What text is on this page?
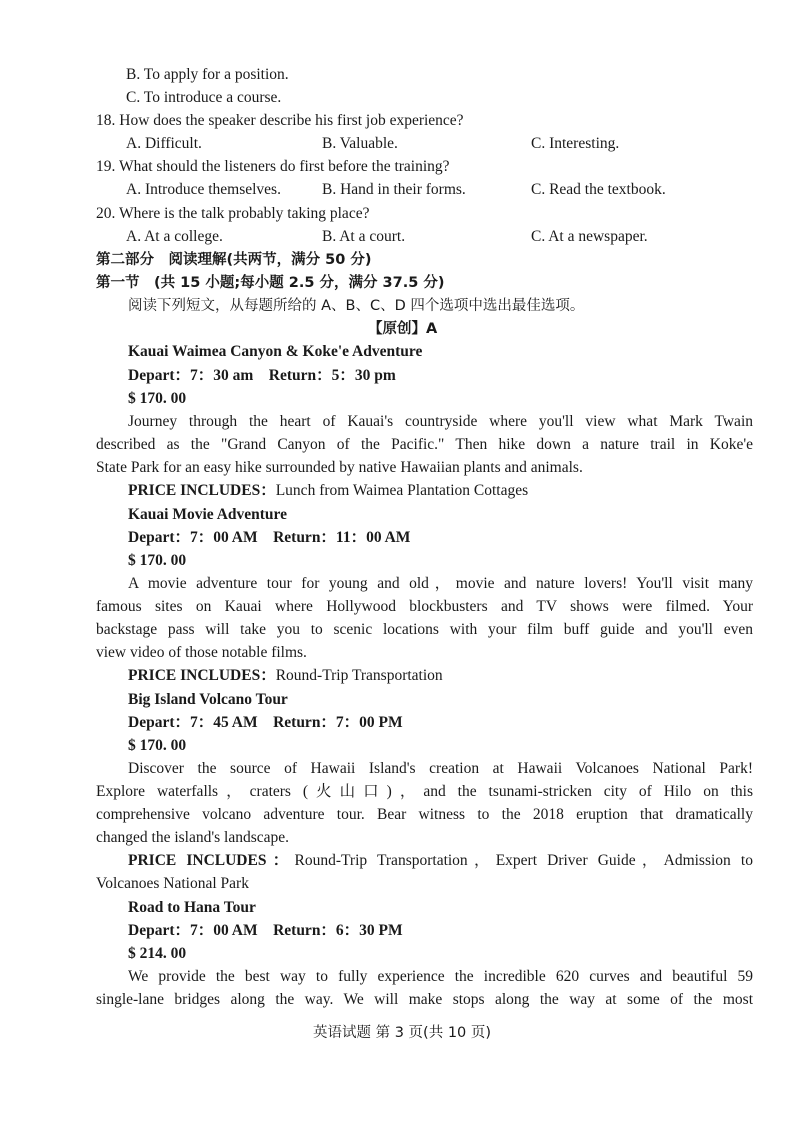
B. To apply for a position.
C. To introduce a course.
18. How does the speaker describe his first job experience?
A. Difficult.	B. Valuable.	C. Interesting.
19. What should the listeners do first before the training?
A. Introduce themselves.	B. Hand in their forms.	C. Read the textbook.
20. Where is the talk probably taking place?
A. At a college.	B. At a court.	C. At a newspaper.
第二部分　阅读理解(共两节，满分 50 分)
第一节　(共 15 小题;每小题 2.5 分，满分 37.5 分)
阅读下列短文，从每题所给的 A、B、C、D 四个选项中选出最佳选项。
【原创】A
Kauai Waimea Canyon & Koke'e Adventure
Depart：7：30 am　Return：5：30 pm
$ 170. 00
Journey through the heart of Kauai's countryside where you'll view what Mark Twain
described as the "Grand Canyon of the Pacific." Then hike down a nature trail in Koke'e
State Park for an easy hike surrounded by native Hawaiian plants and animals.
PRICE INCLUDES：Lunch from Waimea Plantation Cottages
Kauai Movie Adventure
Depart：7：00 AM　Return：11：00 AM
$ 170. 00
A movie adventure tour for young and old，movie and nature lovers! You'll visit many
famous sites on Kauai where Hollywood blockbusters and TV shows were filmed. Your
backstage pass will take you to scenic locations with your film buff guide and you'll even
view video of those notable films.
PRICE INCLUDES：Round-Trip Transportation
Big Island Volcano Tour
Depart：7：45 AM　Return：7：00 PM
$ 170. 00
Discover the source of Hawaii Island's creation at Hawaii Volcanoes National Park!
Explore waterfalls，craters (火山口)，and the tsunami-stricken city of Hilo on this
comprehensive volcano adventure tour. Bear witness to the 2018 eruption that dramatically
changed the island's landscape.
PRICE INCLUDES：Round-Trip Transportation，Expert Driver Guide，Admission to
Volcanoes National Park
Road to Hana Tour
Depart：7：00 AM　Return：6：30 PM
$ 214. 00
We provide the best way to fully experience the incredible 620 curves and beautiful 59
single-lane bridges along the way. We will make stops along the way at some of the most
英语试题 第 3 页(共 10 页)
